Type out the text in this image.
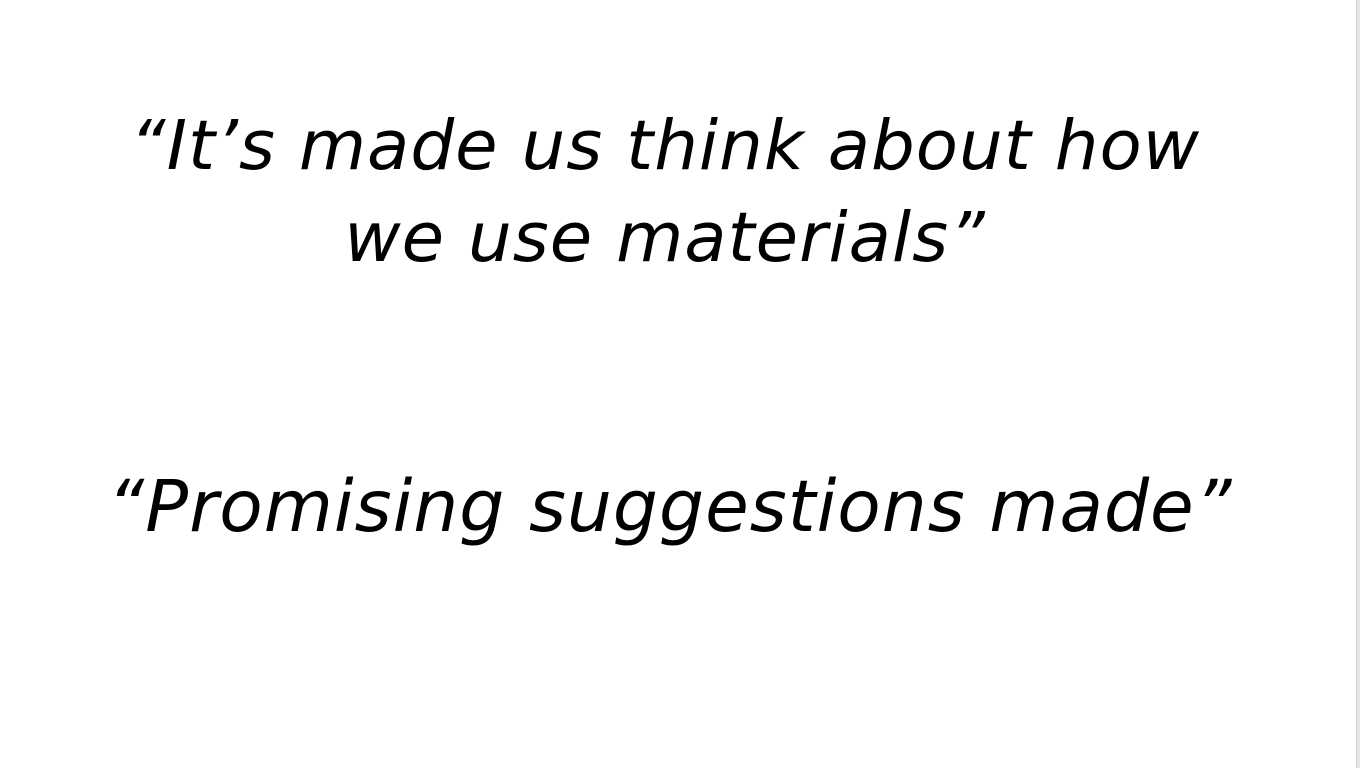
“It’s made us think about how
we use materials”
“Promising suggestions made”
